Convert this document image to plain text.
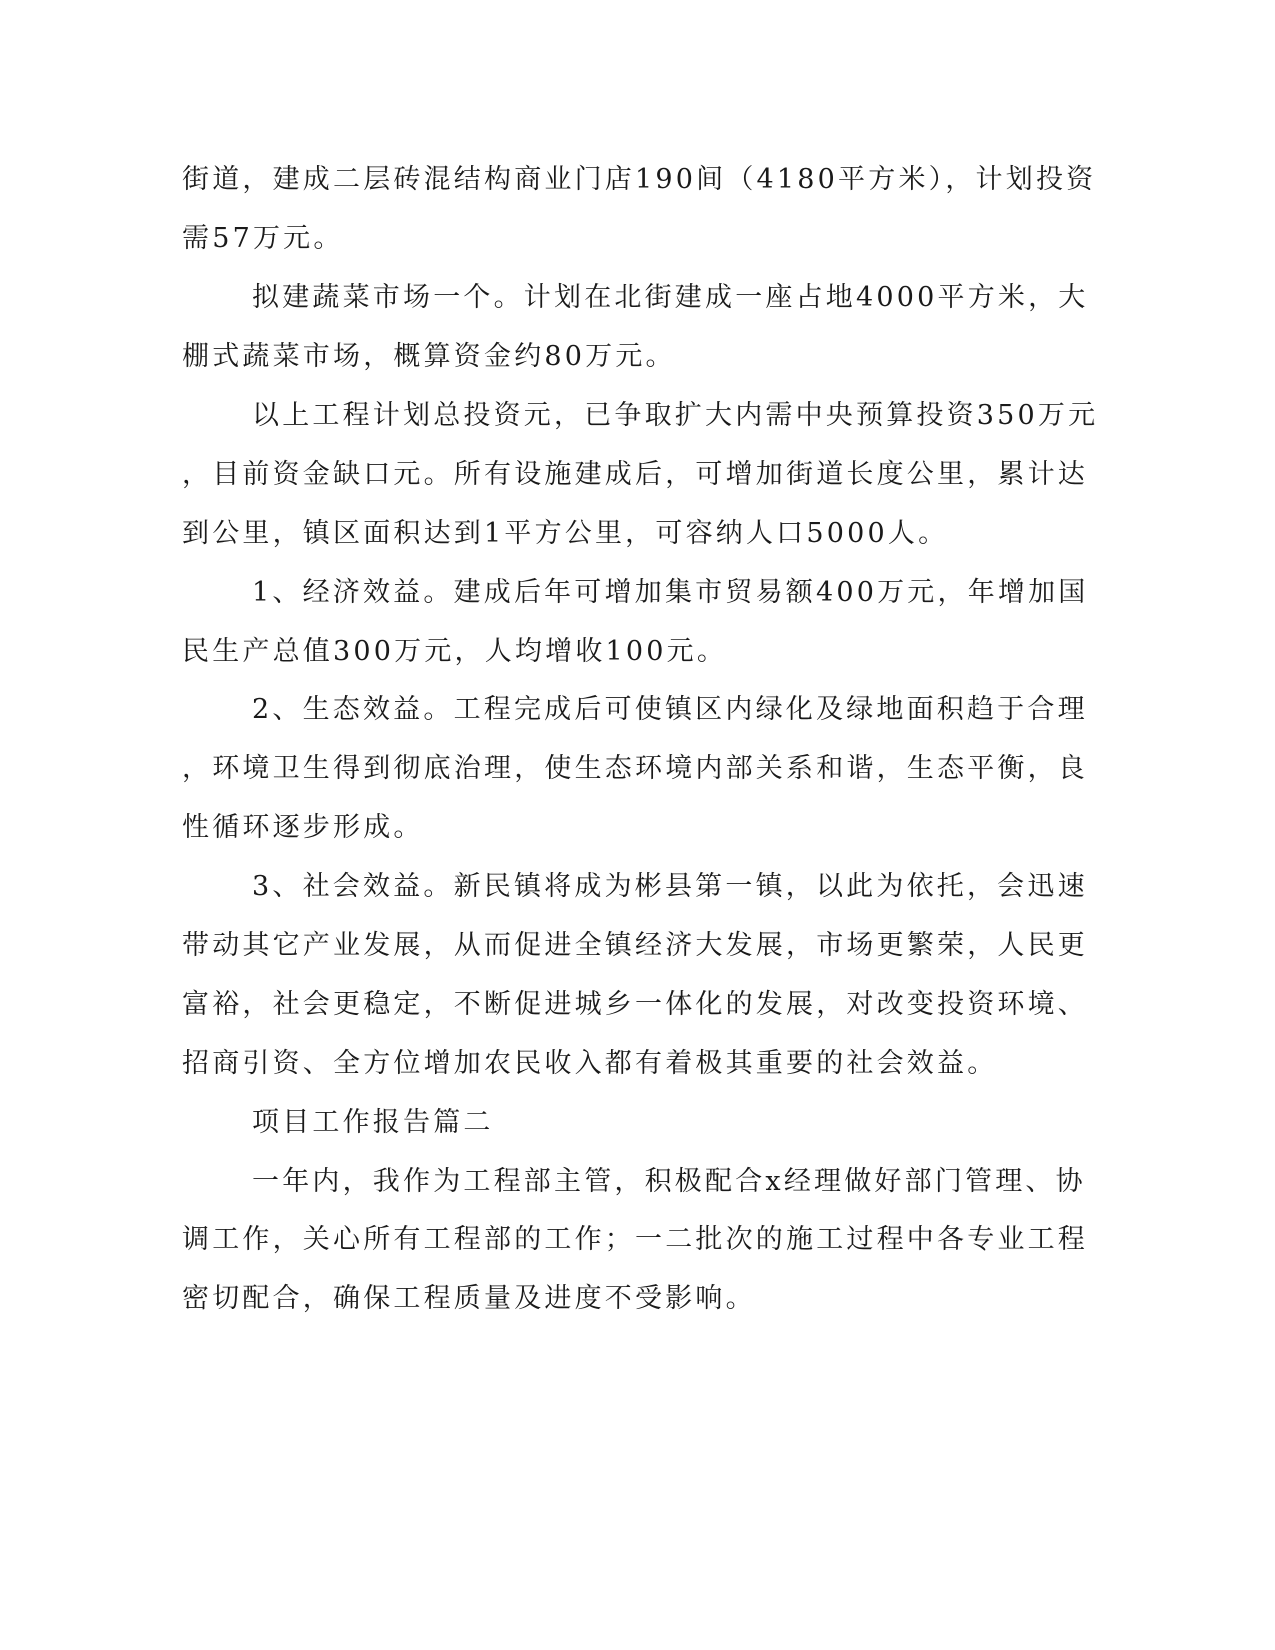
街道，建成二层砖混结构商业门店190间（4180平方米），计划投资
需57万元。
拟建蔬菜市场一个。计划在北街建成一座占地4000平方米，大
棚式蔬菜市场，概算资金约80万元。
以上工程计划总投资元，已争取扩大内需中央预算投资350万元
，目前资金缺口元。所有设施建成后，可增加街道长度公里，累计达
到公里，镇区面积达到1平方公里，可容纳人口5000人。
1、经济效益。建成后年可增加集市贸易额400万元，年增加国
民生产总值300万元，人均增收100元。
2、生态效益。工程完成后可使镇区内绿化及绿地面积趋于合理
，环境卫生得到彻底治理，使生态环境内部关系和谐，生态平衡，良
性循环逐步形成。
3、社会效益。新民镇将成为彬县第一镇，以此为依托，会迅速
带动其它产业发展，从而促进全镇经济大发展，市场更繁荣，人民更
富裕，社会更稳定，不断促进城乡一体化的发展，对改变投资环境、
招商引资、全方位增加农民收入都有着极其重要的社会效益。
项目工作报告篇二
一年内，我作为工程部主管，积极配合x经理做好部门管理、协
调工作，关心所有工程部的工作；一二批次的施工过程中各专业工程
密切配合，确保工程质量及进度不受影响。
